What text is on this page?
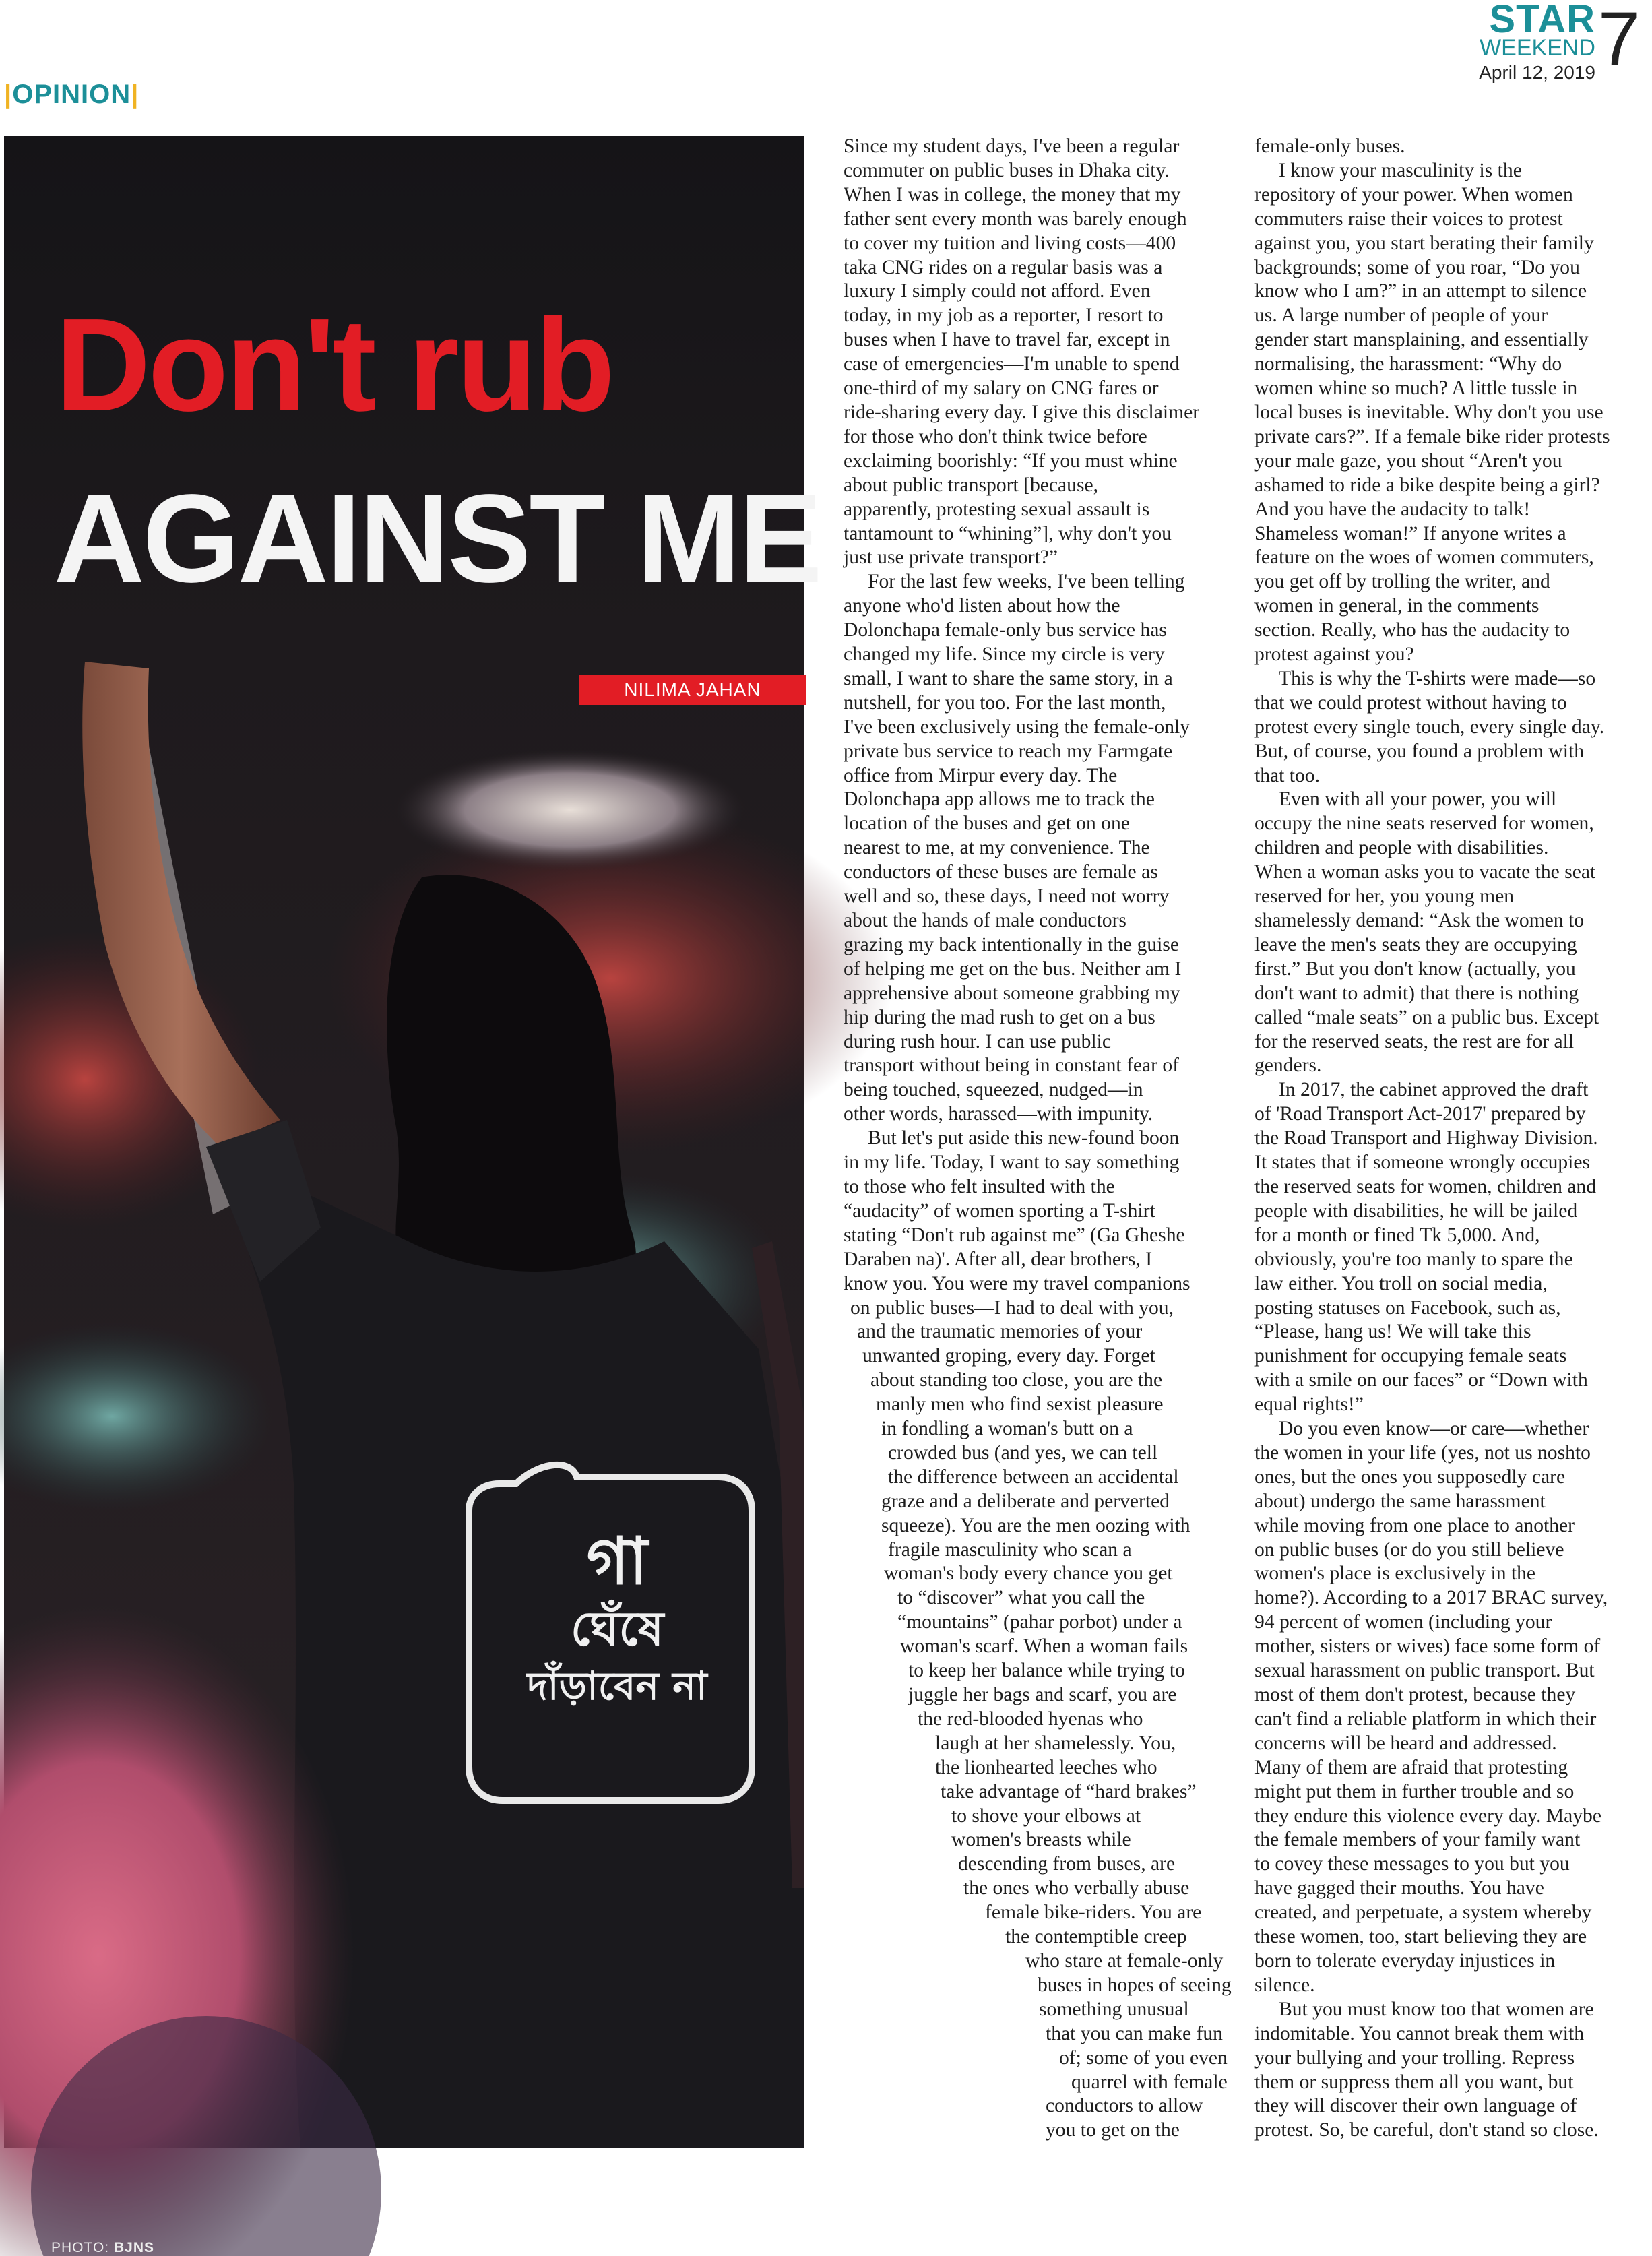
|OPINION|
STAR
WEEKEND
April 12, 2019 7
গা
ঘেঁষে
দাঁড়াবেন না
Don't rub
AGAINST ME
NILIMA JAHAN
PHOTO: BJNS
Since my student days, I've been a regular
commuter on public buses in Dhaka city.
When I was in college, the money that my
father sent every month was barely enough
to cover my tuition and living costs—400
taka CNG rides on a regular basis was a
luxury I simply could not afford. Even
today, in my job as a reporter, I resort to
buses when I have to travel far, except in
case of emergencies—I'm unable to spend
one-third of my salary on CNG fares or
ride-sharing every day. I give this disclaimer
for those who don't think twice before
exclaiming boorishly: “If you must whine
about public transport [because,
apparently, protesting sexual assault is
tantamount to “whining”], why don't you
just use private transport?”
For the last few weeks, I've been telling
anyone who'd listen about how the
Dolonchapa female-only bus service has
changed my life. Since my circle is very
small, I want to share the same story, in a
nutshell, for you too. For the last month,
I've been exclusively using the female-only
private bus service to reach my Farmgate
office from Mirpur every day. The
Dolonchapa app allows me to track the
location of the buses and get on one
nearest to me, at my convenience. The
conductors of these buses are female as
well and so, these days, I need not worry
about the hands of male conductors
grazing my back intentionally in the guise
of helping me get on the bus. Neither am I
apprehensive about someone grabbing my
hip during the mad rush to get on a bus
during rush hour. I can use public
transport without being in constant fear of
being touched, squeezed, nudged—in
other words, harassed—with impunity.
But let's put aside this new-found boon
in my life. Today, I want to say something
to those who felt insulted with the
“audacity” of women sporting a T-shirt
stating “Don't rub against me” (Ga Gheshe
Daraben na)'. After all, dear brothers, I
know you. You were my travel companions
on public buses—I had to deal with you,
and the traumatic memories of your
unwanted groping, every day. Forget
about standing too close, you are the
manly men who find sexist pleasure
in fondling a woman's butt on a
crowded bus (and yes, we can tell
the difference between an accidental
graze and a deliberate and perverted
squeeze). You are the men oozing with
fragile masculinity who scan a
woman's body every chance you get
to “discover” what you call the
“mountains” (pahar porbot) under a
woman's scarf. When a woman fails
to keep her balance while trying to
juggle her bags and scarf, you are
the red-blooded hyenas who
laugh at her shamelessly. You,
the lionhearted leeches who
take advantage of “hard brakes”
to shove your elbows at
women's breasts while
descending from buses, are
the ones who verbally abuse
female bike-riders. You are
the contemptible creep
who stare at female-only
buses in hopes of seeing
something unusual
that you can make fun
of; some of you even
quarrel with female
conductors to allow
you to get on the
female-only buses.
I know your masculinity is the
repository of your power. When women
commuters raise their voices to protest
against you, you start berating their family
backgrounds; some of you roar, “Do you
know who I am?” in an attempt to silence
us. A large number of people of your
gender start mansplaining, and essentially
normalising, the harassment: “Why do
women whine so much? A little tussle in
local buses is inevitable. Why don't you use
private cars?”. If a female bike rider protests
your male gaze, you shout “Aren't you
ashamed to ride a bike despite being a girl?
And you have the audacity to talk!
Shameless woman!” If anyone writes a
feature on the woes of women commuters,
you get off by trolling the writer, and
women in general, in the comments
section. Really, who has the audacity to
protest against you?
This is why the T-shirts were made—so
that we could protest without having to
protest every single touch, every single day.
But, of course, you found a problem with
that too.
Even with all your power, you will
occupy the nine seats reserved for women,
children and people with disabilities.
When a woman asks you to vacate the seat
reserved for her, you young men
shamelessly demand: “Ask the women to
leave the men's seats they are occupying
first.” But you don't know (actually, you
don't want to admit) that there is nothing
called “male seats” on a public bus. Except
for the reserved seats, the rest are for all
genders.
In 2017, the cabinet approved the draft
of 'Road Transport Act-2017' prepared by
the Road Transport and Highway Division.
It states that if someone wrongly occupies
the reserved seats for women, children and
people with disabilities, he will be jailed
for a month or fined Tk 5,000. And,
obviously, you're too manly to spare the
law either. You troll on social media,
posting statuses on Facebook, such as,
“Please, hang us! We will take this
punishment for occupying female seats
with a smile on our faces” or “Down with
equal rights!”
Do you even know—or care—whether
the women in your life (yes, not us noshto
ones, but the ones you supposedly care
about) undergo the same harassment
while moving from one place to another
on public buses (or do you still believe
women's place is exclusively in the
home?). According to a 2017 BRAC survey,
94 percent of women (including your
mother, sisters or wives) face some form of
sexual harassment on public transport. But
most of them don't protest, because they
can't find a reliable platform in which their
concerns will be heard and addressed.
Many of them are afraid that protesting
might put them in further trouble and so
they endure this violence every day. Maybe
the female members of your family want
to covey these messages to you but you
have gagged their mouths. You have
created, and perpetuate, a system whereby
these women, too, start believing they are
born to tolerate everyday injustices in
silence.
But you must know too that women are
indomitable. You cannot break them with
your bullying and your trolling. Repress
them or suppress them all you want, but
they will discover their own language of
protest. So, be careful, don't stand so close.
